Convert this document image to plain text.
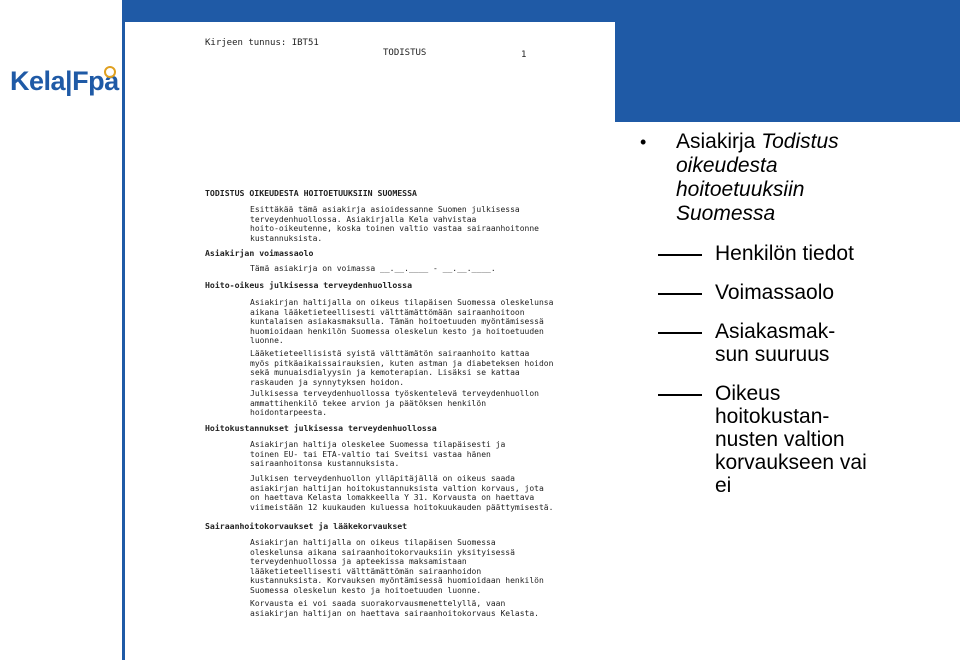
Kela|Fpa
Kirjeen tunnus: IBT51
TODISTUS	1
TODISTUS OIKEUDESTA HOITOETUUKSIIN SUOMESSA
Esittäkää tämä asiakirja asioidessanne Suomen julkisessa
terveydenhuollossa. Asiakirjalla Kela vahvistaa
hoito-oikeutenne, koska toinen valtio vastaa sairaanhoitonne
kustannuksista.
Asiakirjan voimassaolo
Tämä asiakirja on voimassa __.__.____ - __.__.____.
Hoito-oikeus julkisessa terveydenhuollossa
Asiakirjan haltijalla on oikeus tilapäisen Suomessa oleskelunsa
aikana lääketieteellisesti välttämättömään sairaanhoitoon
kuntalaisen asiakasmaksulla. Tämän hoitoetuuden myöntämisessä
huomioidaan henkilön Suomessa oleskelun kesto ja hoitoetuuden
luonne.
Lääketieteellisistä syistä välttämätön sairaanhoito kattaa
myös pitkäaikaissairauksien, kuten astman ja diabeteksen hoidon
sekä munuaisdialyysin ja kemoterapian. Lisäksi se kattaa
raskauden ja synnytyksen hoidon.
Julkisessa terveydenhuollossa työskentelevä terveydenhuollon
ammattihenkilö tekee arvion ja päätöksen henkilön
hoidontarpeesta.
Hoitokustannukset julkisessa terveydenhuollossa
Asiakirjan haltija oleskelee Suomessa tilapäisesti ja
toinen EU- tai ETA-valtio tai Sveitsi vastaa hänen
sairaanhoitonsa kustannuksista.
Julkisen terveydenhuollon ylläpitäjällä on oikeus saada
asiakirjan haltijan hoitokustannuksista valtion korvaus, jota
on haettava Kelasta lomakkeella Y 31. Korvausta on haettava
viimeistään 12 kuukauden kuluessa hoitokuukauden päättymisestä.
Sairaanhoitokorvaukset ja lääkekorvaukset
Asiakirjan haltijalla on oikeus tilapäisen Suomessa
oleskelunsa aikana sairaanhoitokorvauksiin yksityisessä
terveydenhuollossa ja apteekissa maksamistaan
lääketieteellisesti välttämättömän sairaanhoidon
kustannuksista. Korvauksen myöntämisessä huomioidaan henkilön
Suomessa oleskelun kesto ja hoitoetuuden luonne.
Korvausta ei voi saada suorakorvausmenettelyllä, vaan
asiakirjan haltijan on haettava sairaanhoitokorvaus Kelasta.
•	Asiakirja Todistus
oikeudesta
hoitoetuuksiin
Suomessa
Henkilön tiedot
Voimassaolo
Asiakasmak-
sun suuruus
Oikeus
hoitokustan-
nusten valtion
korvaukseen vai
ei
